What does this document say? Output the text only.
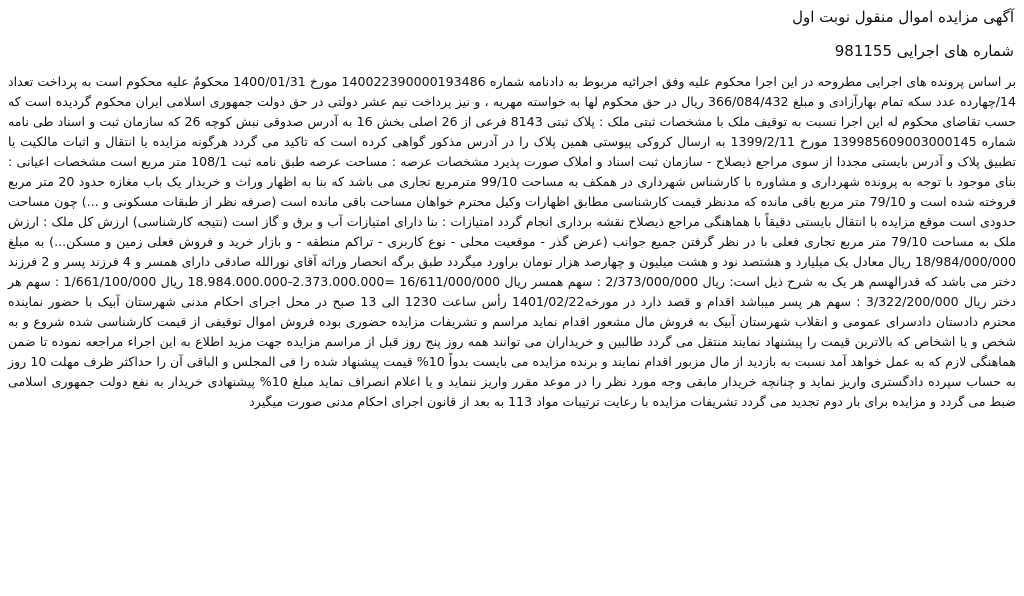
آگهی مزایده اموال منقول نوبت اول
شماره های اجرایی 981155
بر اساس پرونده های اجرایی مطروحه در این اجرا محکوم علیه وفق اجرائیه مربوط به دادنامه شماره 140022390000193486 مورخ 1400/01/31 محکومٌ علیه محکوم است به پرداخت تعداد 14/چهارده عدد سکه تمام بهارآزادی و مبلغ 366/084/432 ریال در حق محکوم لها به خواسته مهریه ، و نیز پرداخت نیم عشر دولتی در حق دولت جمهوری اسلامی ایران محکوم گردیده است که حسب تقاضای محکوم له این اجرا نسبت به توقیف ملک با مشخصات ثبتی ملک : پلاک ثبتی 8143 فرعی از 26 اصلی بخش 16 به آدرس صدوقی نبش کوچه 26 که سازمان ثبت و اسناد طی نامه شماره 139985609003000145 مورخ 1399/2/11 به ارسال کروکی پیوستی همین پلاک را در آدرس مذکور گواهی کرده است که تاکید می گردد هرگونه مزایده یا انتقال و اثبات مالکیت یا تطبیق پلاک و آدرس بایستی مجددا از سوی مراجع ذیصلاح - سازمان ثبت اسناد و املاک صورت پذیرد مشخصات عرصه : مساحت عرصه طبق نامه ثبت 108/1 متر مربع است مشخصات اعیانی : بنای موجود با توجه به پرونده شهرداری و مشاوره با کارشناس شهرداری در همکف به مساحت 99/10 مترمربع تجاری می باشد که بنا به اظهار وراث و خریدار یک باب مغازه حدود 20 متر مربع فروخته شده است و 79/10 متر مربع باقی مانده که مدنظر قیمت کارشناسی مطابق اظهارات وکیل محترم خواهان مساحت باقی مانده است (صرفه نظر از طبقات مسکونی و ...) چون مساحت حدودی است موقع مزایده با انتقال بایستی دقیقاً با هماهنگی مراجع ذیصلاح نقشه برداری انجام گردد امتیازات : بنا دارای امتیازات آب و برق و گاز است (نتیجه کارشناسی) ارزش کل ملک : ارزش ملک به مساحت 79/10 متر مربع تجاری فعلی با در نظر گرفتن جمیع جوانب (عرض گذر - موقعیت محلی - نوع کاربری - تراکم منطقه - و بازار خرید و فروش فعلی زمین و مسکن...) به مبلغ 18/984/000/000 ریال معادل یک میلیارد و هشتصد نود و هشت میلیون و چهارصد هزار تومان براورد میگردد طبق برگه انحصار وراثه آقای نورالله صادقی دارای همسر و 4 فرزند پسر و 2 فرزند دختر می باشد که قدرالهسم هر یک به شرح ذیل است: ریال 2/373/000/000 : سهم همسر ریال 16/611/000/000 =2.373.000.000-18.984.000.000 ریال 1/661/100/000 : سهم هر دختر ریال 3/322/200/000 : سهم هر پسر میباشد اقدام و قصد دارد در مورخه1401/02/22 رأس ساعت 1230 الی 13 صبح در محل اجرای احکام مدنی شهرستان آبیک با حضور نماینده محترم دادستان دادسرای عمومی و انقلاب شهرستان آبیک به فروش مال مشعور اقدام نماید مراسم و تشریفات مزایده حضوری بوده فروش اموال توقیفی از قیمت کارشناسی شده شروع و به شخص و یا اشخاص که بالاترین قیمت را پیشنهاد نمایند منتقل می گردد طالبین و خریداران می توانند همه روز پنج روز قبل از مراسم مزایده جهت مزید اطلاع به این اجراء مراجعه نموده تا ضمن هماهنگی لازم که به عمل خواهد آمد نسبت به بازدید از مال مزبور اقدام نمایند و برنده مزایده می بایست بدواً 10% قیمت پیشنهاد شده را فی المجلس و الباقی آن را حداکثر ظرف مهلت 10 روز به حساب سپرده دادگستری واریز نماید و چنانچه خریدار مابقی وجه مورد نظر را در موعد مقرر واریز ننماید و یا اعلام انصراف نماید مبلغ 10% پیشنهادی خریدار به نفع دولت جمهوری اسلامی ضبط می گردد و مزایده برای بار دوم تجدید می گردد تشریفات مزایده با رعایت ترتیبات مواد 113 به بعد از قانون اجرای احکام مدنی صورت میگیرد
